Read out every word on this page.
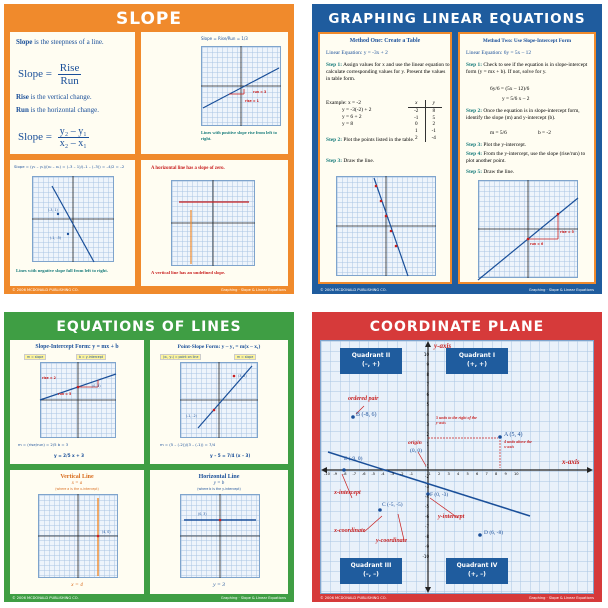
SLOPE
Slope is the steepness of a line.
Slope =
Rise
Run
Rise is the vertical change.
Run is the horizontal change.
Slope = $\frac{\text{y₂ – y₁}}{\text{x₂ – x₁}}$
Slope = Rise/Run = 1/3
run = 3
rise = 1
Lines with positive slope rise from left to right.
Slope = (y₂ – y₁)/(x₂ – x₁) = (–3 – 1)/(–1 – (–3)) = –4/2 = –2
(-3, 1)
(-1, -3)
Lines with negative slope fall from left to right.
A horizontal line has a slope of zero.
A vertical line has an undefined slope.
© 2006 MCDONALD PUBLISHING CO.	Graphing · Slope & Linear Equations
GRAPHING LINEAR EQUATIONS
Method One: Create a Table
Linear Equation: y = -3x + 2
Step 1: Assign values for x and use the linear equation to calculate corresponding values for y. Present the values in table form.
Example: x = -2
y = -3(-2) + 2
y = 6 + 2
y = 8
x	y
-2	8
-1	5
0	2
1	-1
2	-4
Step 2: Plot the points listed in the table.
Step 3: Draw the line.
Method Two: Use Slope-Intercept Form
Linear Equation: 6y = 5x – 12
Step 1: Check to see if the equation is in slope-intercept form (y = mx + b). If not, solve for y.
6y/6 = (5x – 12)/6
y = 5/6 x – 2
Step 2: Once the equation is in slope-intercept form, identify the slope (m) and y-intercept (b).
m = 5/6	b = -2
Step 3: Plot the y-intercept.
Step 4: From the y-intercept, use the slope (rise/run) to plot another point.
Step 5: Draw the line.
rise = 5
run = 6
© 2006 MCDONALD PUBLISHING CO.	Graphing · Slope & Linear Equations
EQUATIONS OF LINES
Slope-Intercept Form: y = mx + b
m = slope	b = y-intercept
rise = 2
run = 5
(0, 3)
m = (rise/run) = 2/5 b = 3
y = 2/5 x + 3
Point-Slope Form: y – y₁ = m(x – x₁)
(x₁, y₁) = point on line	m = slope
(3, 5)
(-1, -2)
m = (5 – (-2))/(3 – (-1)) = 7/4
y – 5 = 7/4 (x – 3)
Vertical Line
x = a
(where a is the x-intercept)
(4, 0)
x = 4
Horizontal Line
y = b
(where b is the y-intercept)
(0, 3)
y = 3
© 2006 MCDONALD PUBLISHING CO.	Graphing · Slope & Linear Equations
COORDINATE PLANE
Quadrant II
(–, +)
Quadrant I
(+, +)
Quadrant III
(–, –)
Quadrant IV
(+, –)
10
9
8
7
6
5
4
3
2
1
-1
-2
-3
-4
-5
-6
-7
-8
-9
-10
-10	-9	-8	-7	-6	-5	-4	-3	-2	-1	1	2	3	4	5	6	7	8	9	10
y-axis
x-axis
ordered pair
B (-8, 6)
A (5, 4)
E (-9, 0)
F (0, -3)
C (-5, -5)
D (6, -8)
origin
(0, 0)
5 units to the right of the y-axis
4 units above the x-axis
x-intercept
y-intercept
x-coordinate
y-coordinate
© 2006 MCDONALD PUBLISHING CO.	Graphing · Slope & Linear Equations
